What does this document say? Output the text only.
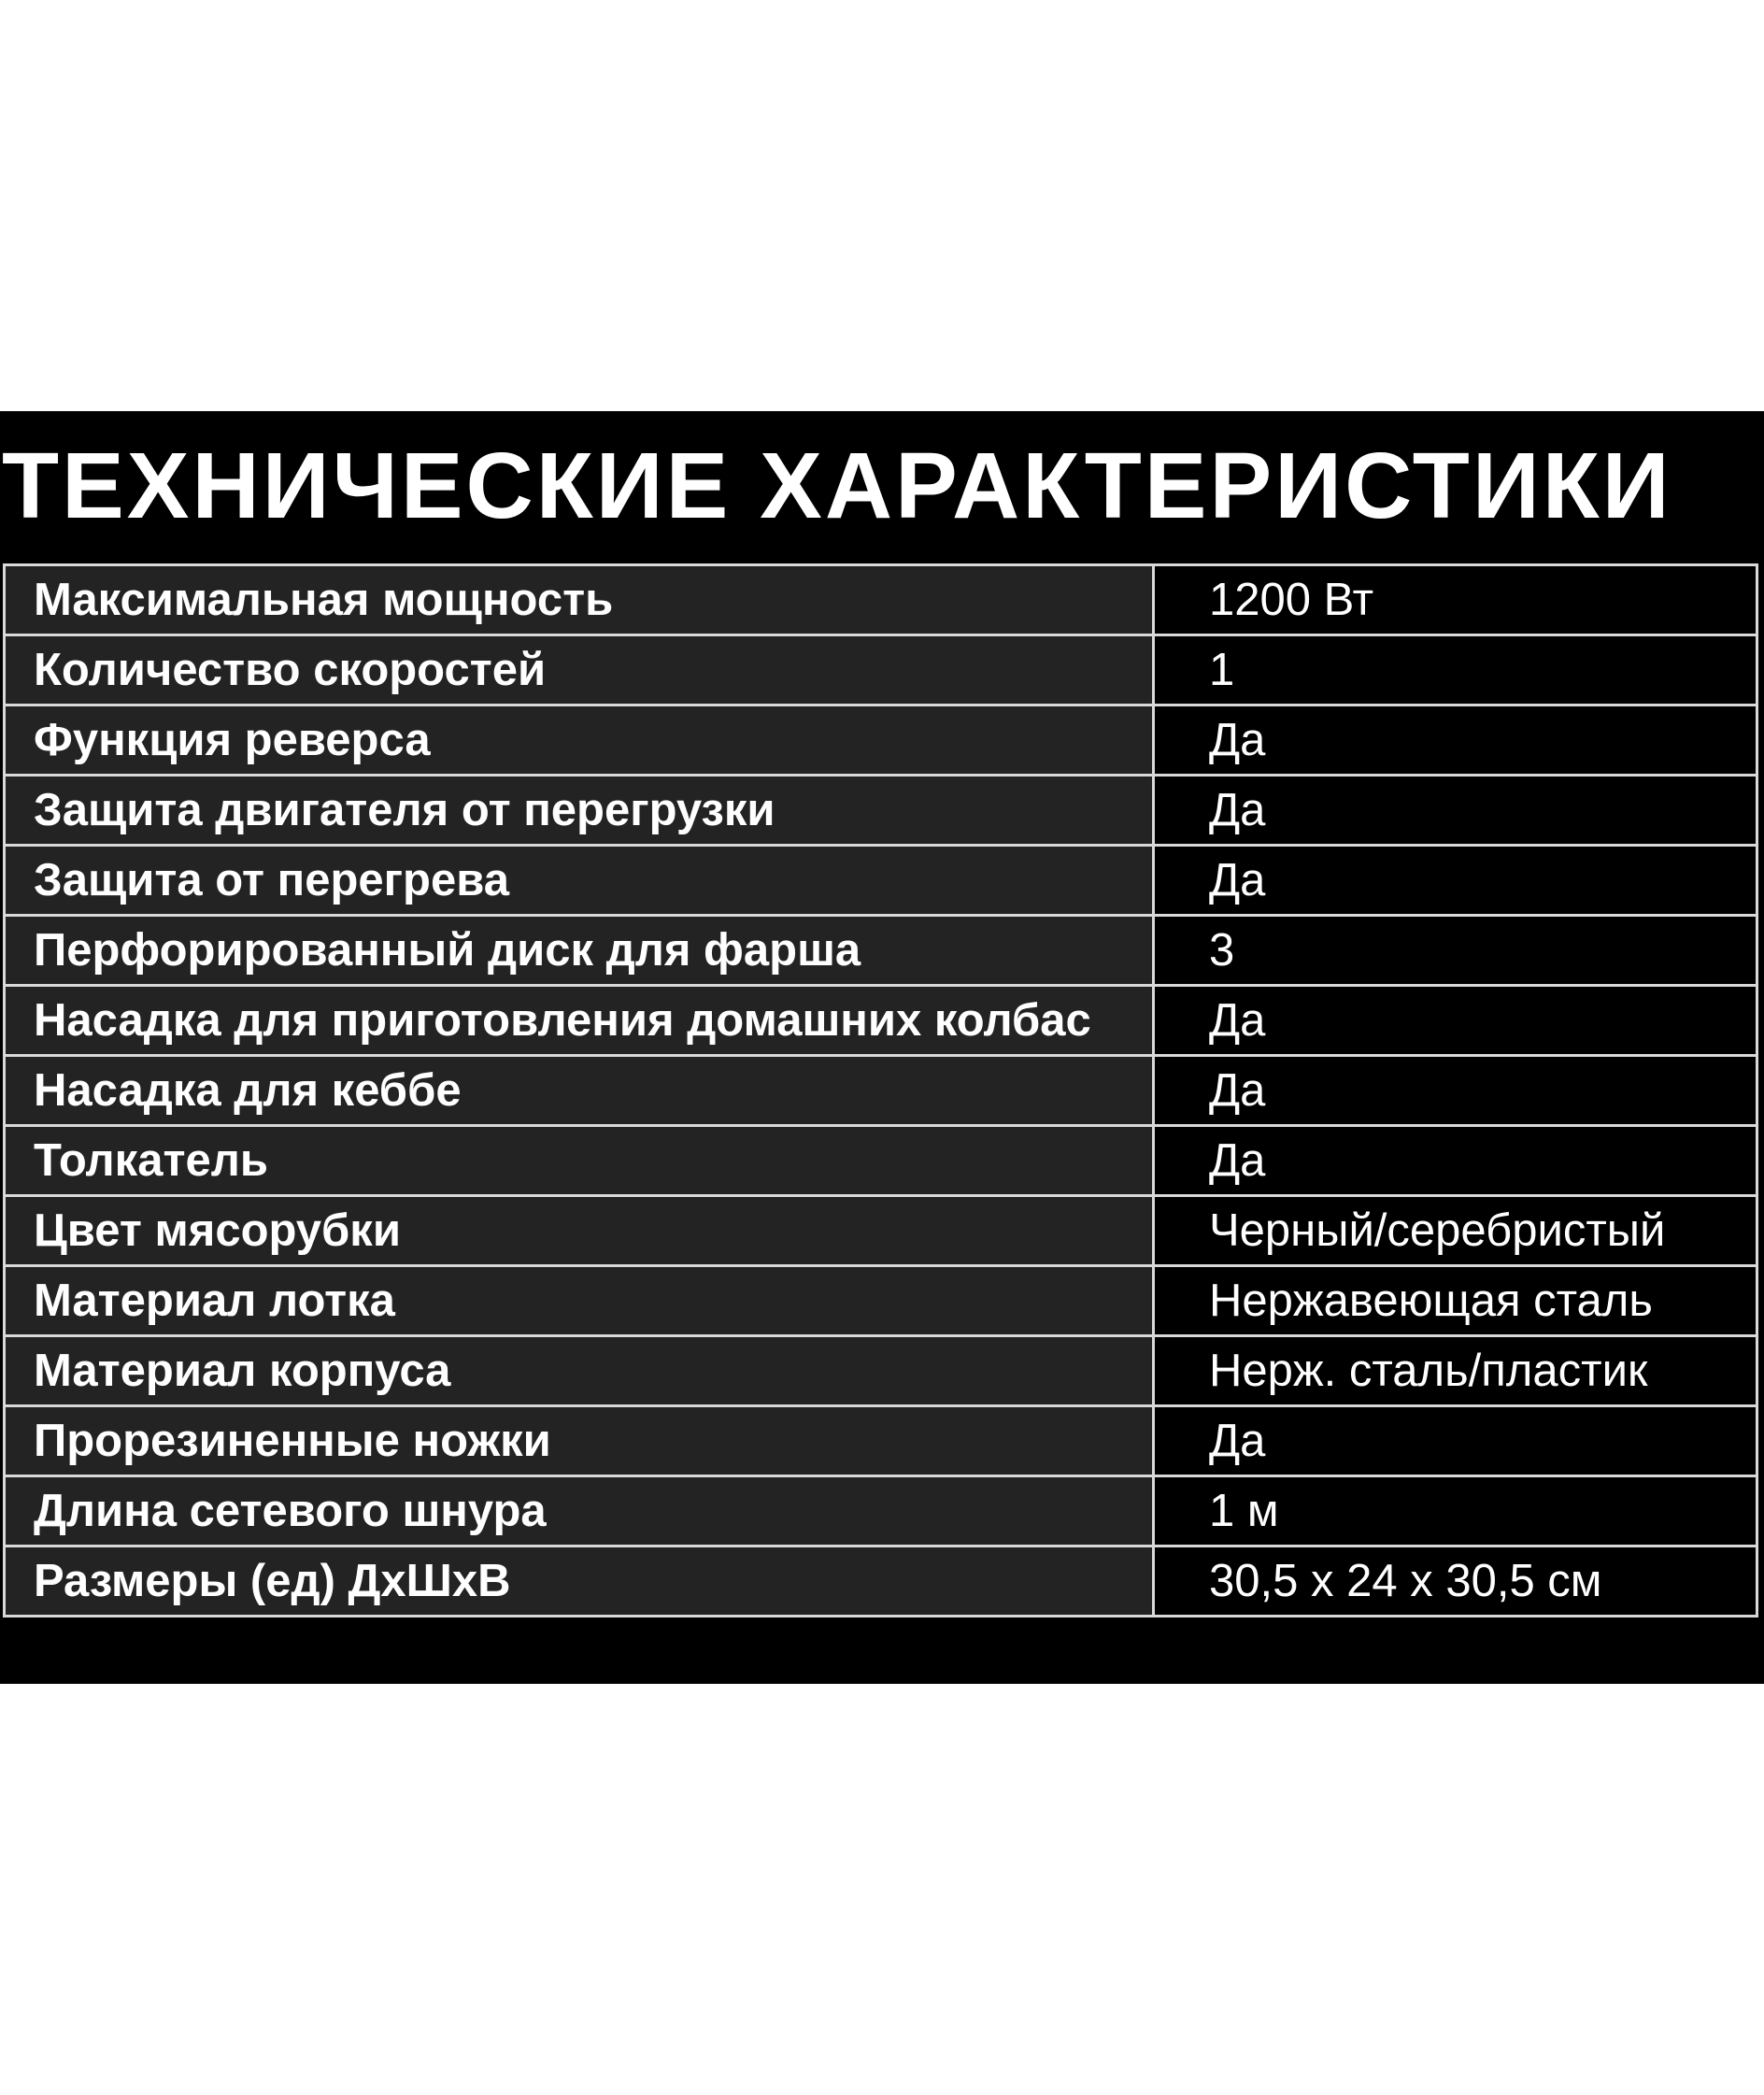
ТЕХНИЧЕСКИЕ ХАРАКТЕРИСТИКИ
Максимальная мощность	1200 Вт
Количество скоростей	1
Функция реверса	Да
Защита двигателя от перегрузки	Да
Защита от перегрева	Да
Перфорированный диск для фарша	3
Насадка для приготовления домашних колбас	Да
Насадка для кеббе	Да
Толкатель	Да
Цвет мясорубки	Черный/серебристый
Материал лотка	Нержавеющая сталь
Материал корпуса	Нерж. сталь/пластик
Прорезиненные ножки	Да
Длина сетевого шнура	1 м
Размеры (ед) ДхШхВ	30,5 х 24 х 30,5 см
